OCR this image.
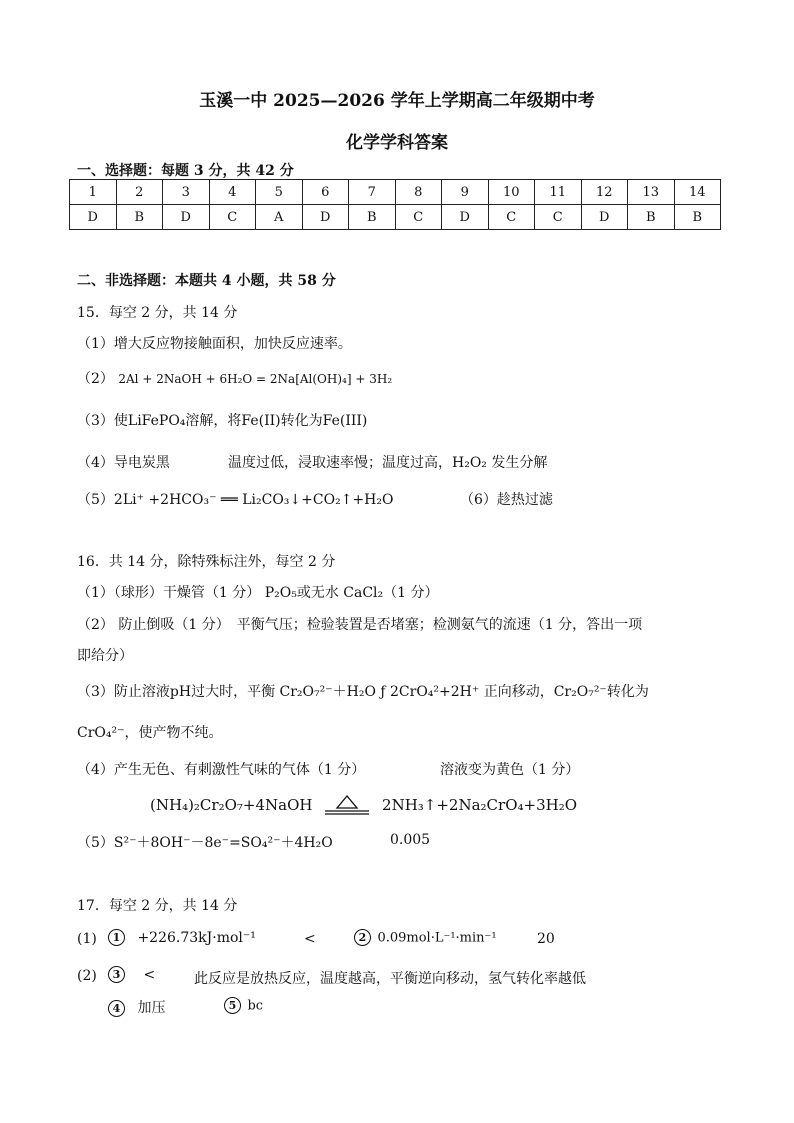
玉溪一中 2025—2026 学年上学期高二年级期中考
化学学科答案
一、选择题：每题 3 分，共 42 分
1	2	3	4	5	6	7	8	9	10	11	12	13	14
D	B	D	C	A	D	B	C	D	C	C	D	B	B
二、非选择题：本题共 4 小题，共 58 分
15．每空 2 分，共 14 分
（1）增大反应物接触面积，加快反应速率。
（2） 2Al + 2NaOH + 6H₂O = 2Na[Al(OH)₄] + 3H₂
（3）使LiFePO₄溶解，将Fe(II)转化为Fe(III)
（4）导电炭黑	温度过低，浸取速率慢；温度过高，H₂O₂ 发生分解
（5）2Li⁺ +2HCO₃⁻ ══ Li₂CO₃↓+CO₂↑+H₂O	（6）趁热过滤
16．共 14 分，除特殊标注外，每空 2 分
（1）（球形）干燥管（1 分） P₂O₅或无水 CaCl₂（1 分）
（2） 防止倒吸（1 分）　平衡气压；检验装置是否堵塞；检测氨气的流速（1 分，答出一项
即给分）
（3）防止溶液pH过大时，平衡 Cr₂O₇²⁻＋H₂O ƒ 2CrO₄²+2H⁺ 正向移动，Cr₂O₇²⁻转化为
CrO₄²⁻，使产物不纯。
（4）产生无色、有刺激性气味的气体（1 分）	溶液变为黄色（1 分）
(NH₄)₂Cr₂O₇+4NaOH	2NH₃↑+2Na₂CrO₄+3H₂O
（5）S²⁻＋8OH⁻－8e⁻=SO₄²⁻＋4H₂O	0.005
17．每空 2 分，共 14 分
(1)	1 +226.73kJ·mol⁻¹	<	2 0.09mol·L⁻¹·min⁻¹	20
(2)	3 <	此反应是放热反应，温度越高，平衡逆向移动，氢气转化率越低
4 加压	5 bc
